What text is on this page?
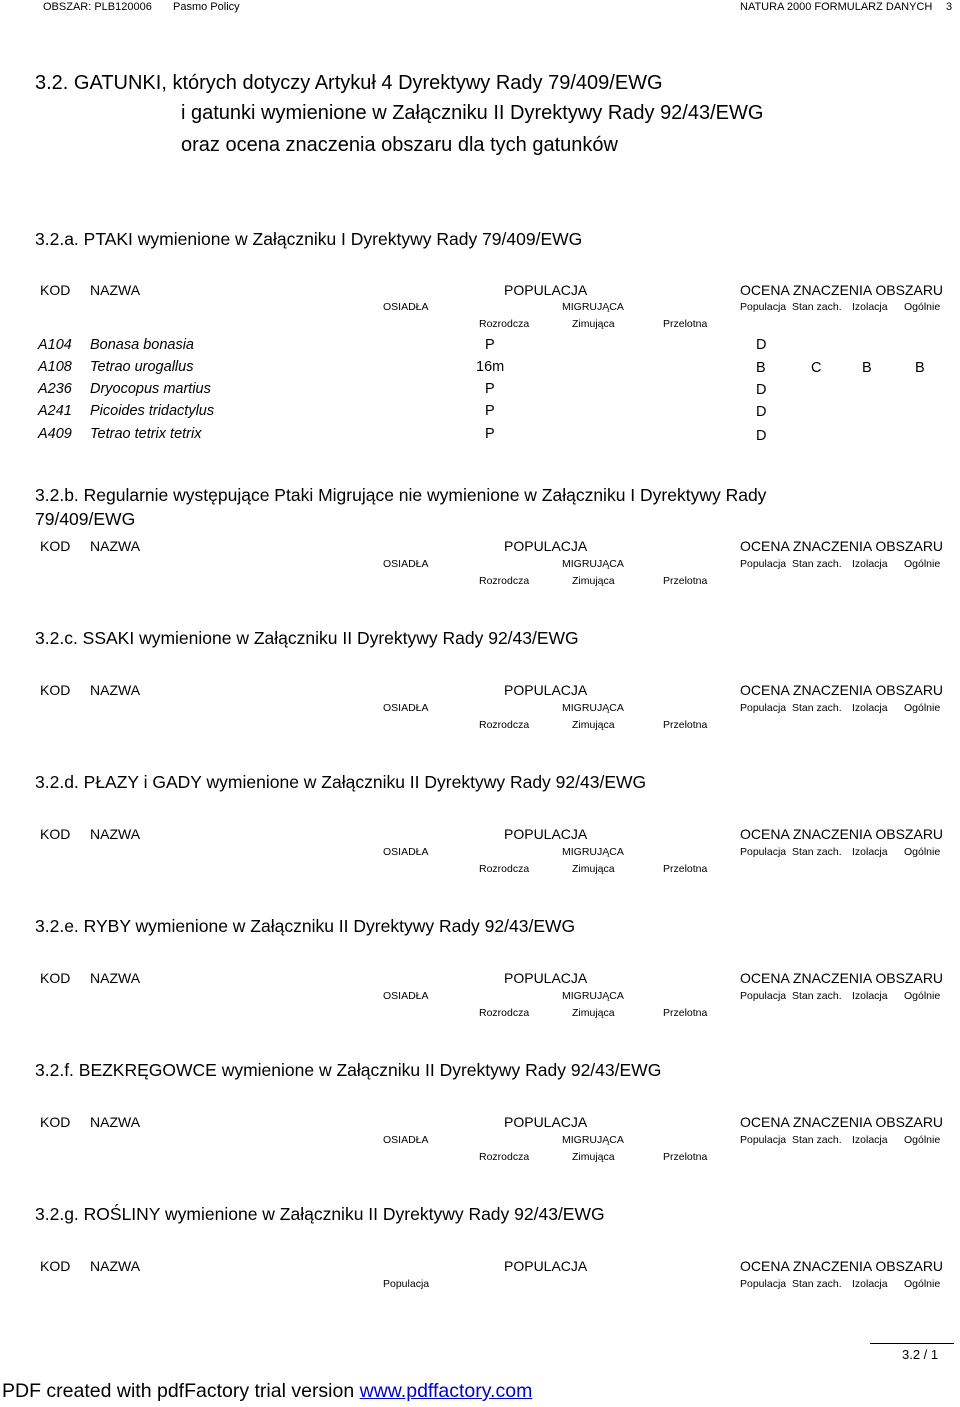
OBSZAR: PLB120006 Pasmo Policy	NATURA 2000 FORMULARZ DANYCH 3
3.2. GATUNKI, których dotyczy Artykuł 4 Dyrektywy Rady 79/409/EWG
i gatunki wymienione w Załączniku II Dyrektywy Rady 92/43/EWG
oraz ocena znaczenia obszaru dla tych gatunków
3.2.a. PTAKI wymienione w Załączniku I Dyrektywy Rady 79/409/EWG
KOD NAZWA	POPULACJA	OCENA ZNACZENIA OBSZARU
OSIADŁA	MIGRUJĄCA	Populacja Stan zach. Izolacja Ogólnie
Rozrodcza	Zimująca	Przelotna
A104 Bonasa bonasia	P	D
A108 Tetrao urogallus	16m	B	C	B	B
A236 Dryocopus martius	P	D
A241 Picoides tridactylus	P	D
A409 Tetrao tetrix tetrix	P	D
3.2.b. Regularnie występujące Ptaki Migrujące nie wymienione w Załączniku I Dyrektywy Rady
79/409/EWG
KOD NAZWA	POPULACJA	OCENA ZNACZENIA OBSZARU
OSIADŁA	MIGRUJĄCA	Populacja Stan zach. Izolacja Ogólnie
Rozrodcza	Zimująca	Przelotna
3.2.c. SSAKI wymienione w Załączniku II Dyrektywy Rady 92/43/EWG
KOD NAZWA	POPULACJA	OCENA ZNACZENIA OBSZARU
OSIADŁA	MIGRUJĄCA	Populacja Stan zach. Izolacja Ogólnie
Rozrodcza	Zimująca	Przelotna
3.2.d. PŁAZY i GADY wymienione w Załączniku II Dyrektywy Rady 92/43/EWG
KOD NAZWA	POPULACJA	OCENA ZNACZENIA OBSZARU
OSIADŁA	MIGRUJĄCA	Populacja Stan zach. Izolacja Ogólnie
Rozrodcza	Zimująca	Przelotna
3.2.e. RYBY wymienione w Załączniku II Dyrektywy Rady 92/43/EWG
KOD NAZWA	POPULACJA	OCENA ZNACZENIA OBSZARU
OSIADŁA	MIGRUJĄCA	Populacja Stan zach. Izolacja Ogólnie
Rozrodcza	Zimująca	Przelotna
3.2.f. BEZKRĘGOWCE wymienione w Załączniku II Dyrektywy Rady 92/43/EWG
KOD NAZWA	POPULACJA	OCENA ZNACZENIA OBSZARU
OSIADŁA	MIGRUJĄCA	Populacja Stan zach. Izolacja Ogólnie
Rozrodcza	Zimująca	Przelotna
3.2.g. ROŚLINY wymienione w Załączniku II Dyrektywy Rady 92/43/EWG
KOD NAZWA	POPULACJA	OCENA ZNACZENIA OBSZARU
Populacja	Populacja Stan zach. Izolacja Ogólnie
3.2 / 1
PDF created with pdfFactory trial version www.pdffactory.com
